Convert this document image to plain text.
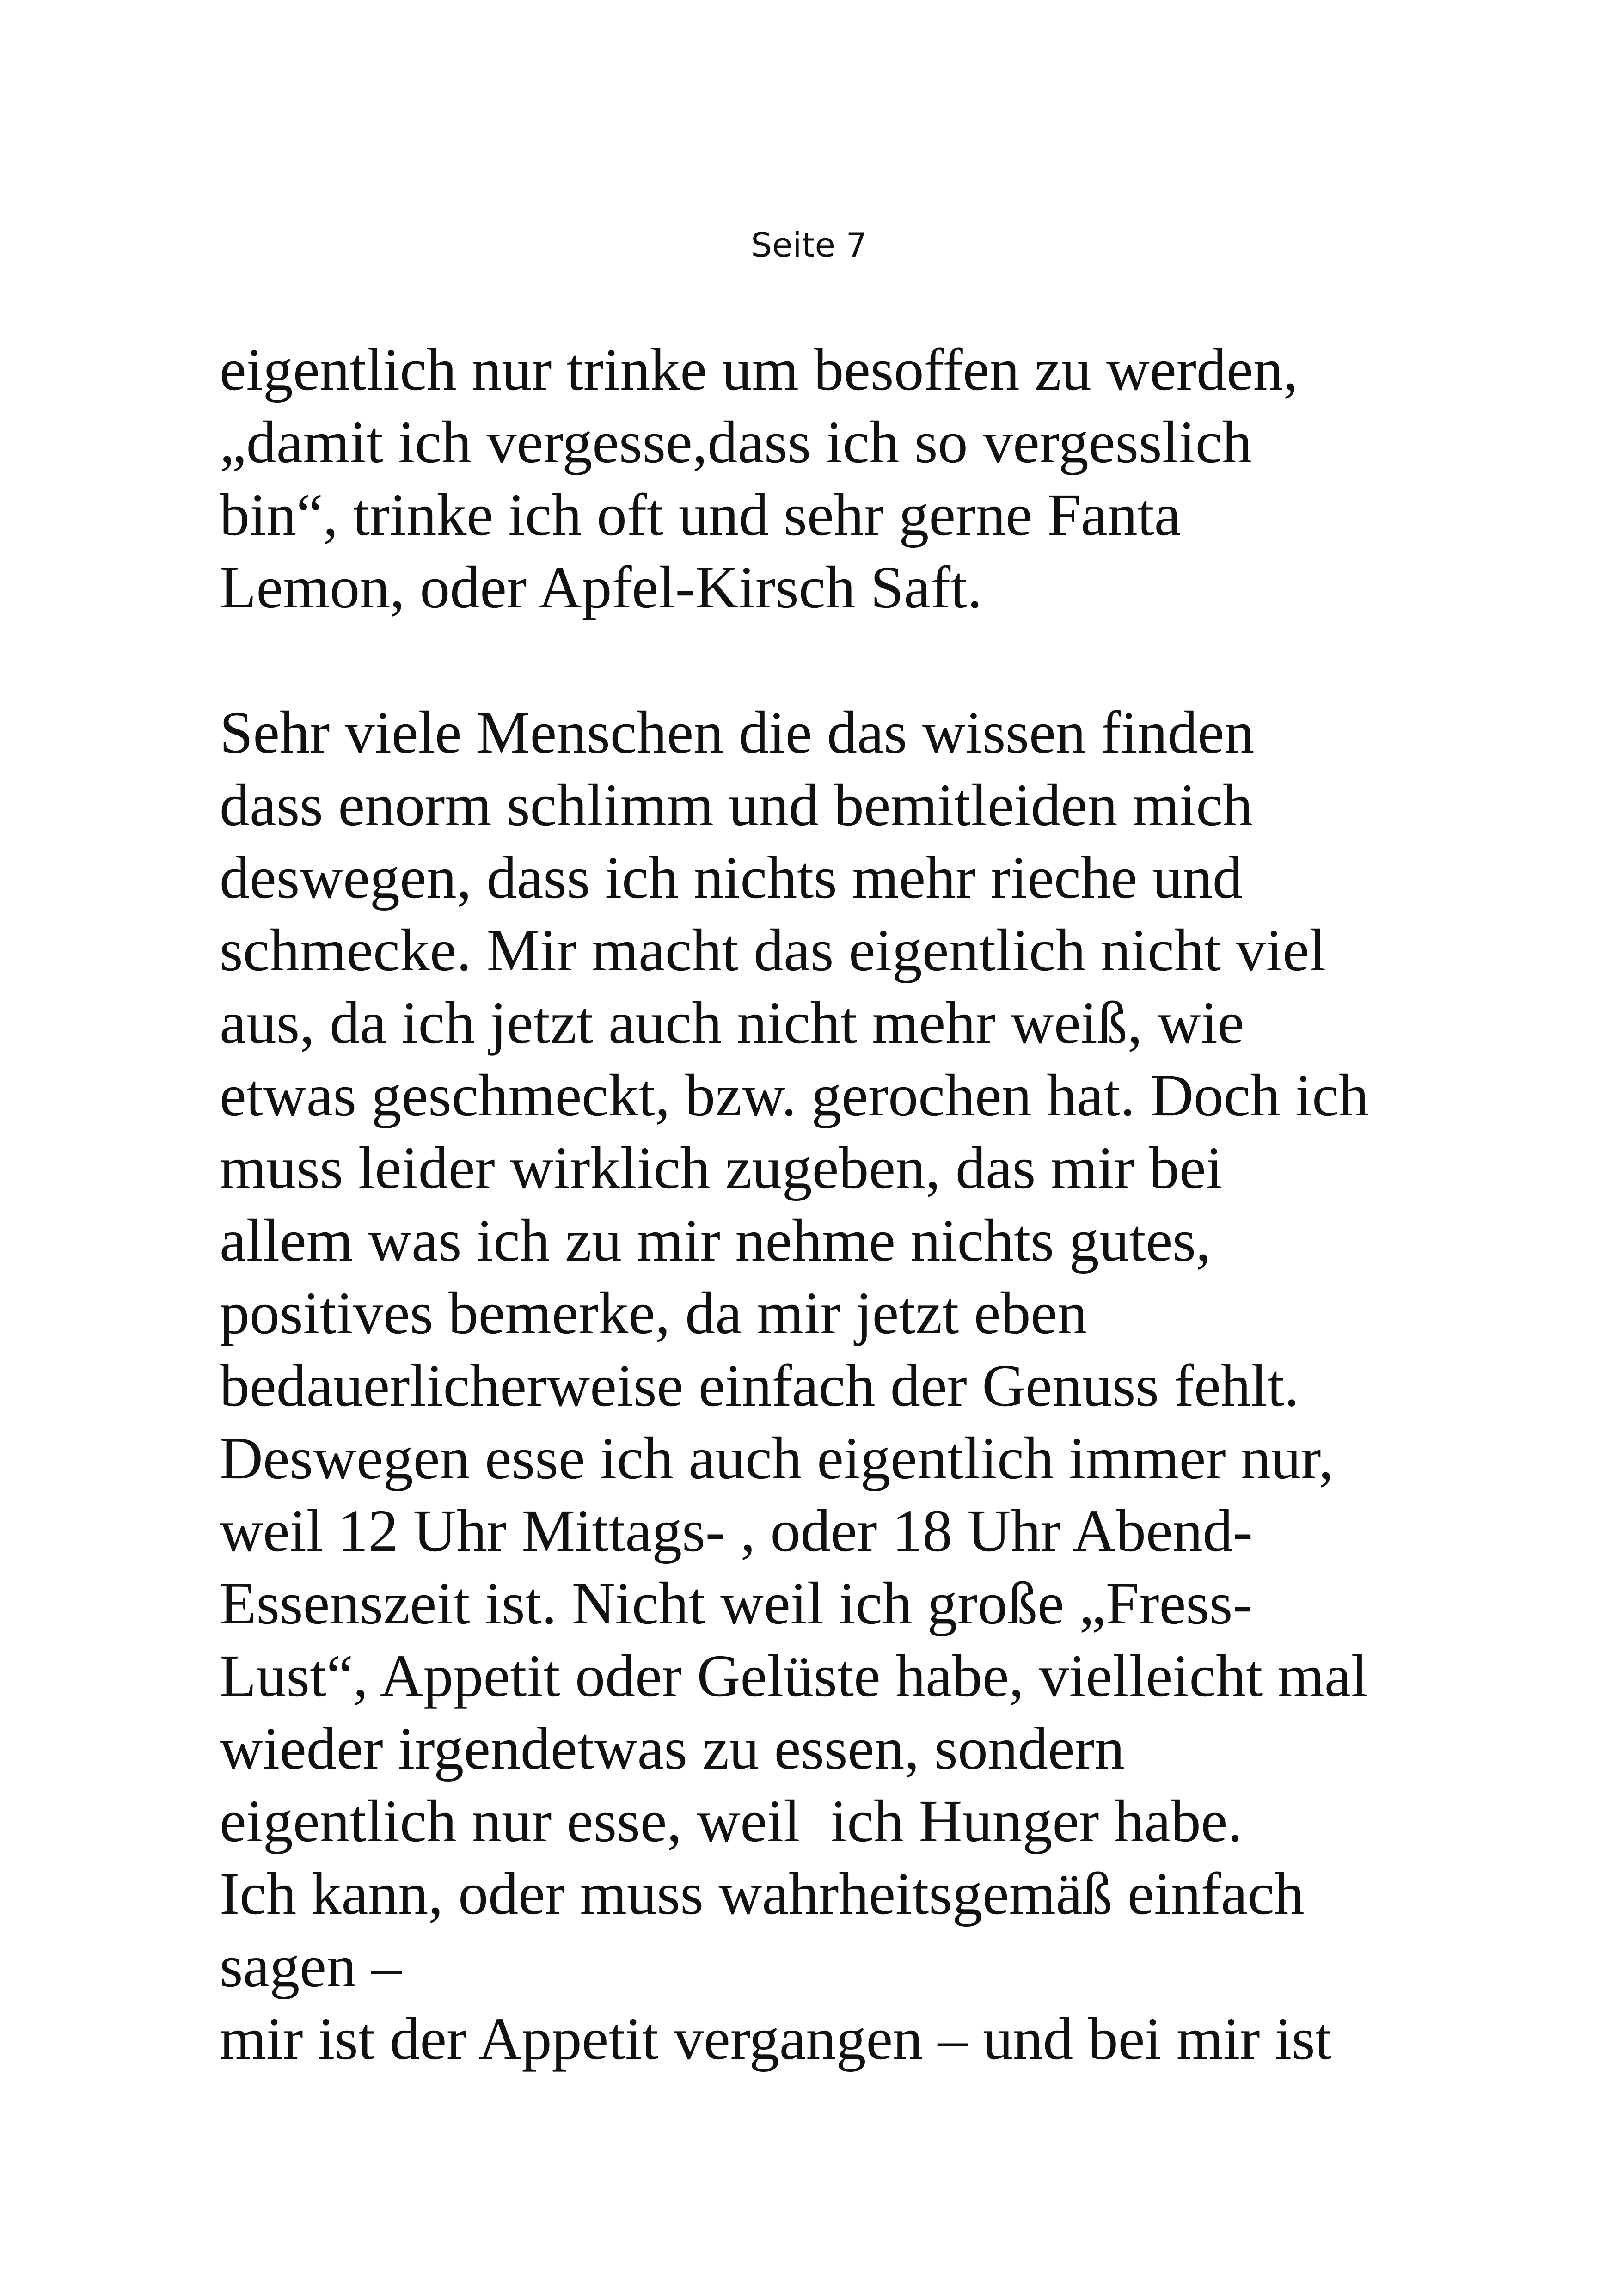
Seite 7
eigentlich nur trinke um besoffen zu werden,
„damit ich vergesse,dass ich so vergesslich
bin“, trinke ich oft und sehr gerne Fanta
Lemon, oder Apfel-Kirsch Saft.
Sehr viele Menschen die das wissen finden
dass enorm schlimm und bemitleiden mich
deswegen, dass ich nichts mehr rieche und
schmecke. Mir macht das eigentlich nicht viel
aus, da ich jetzt auch nicht mehr weiß, wie
etwas geschmeckt, bzw. gerochen hat. Doch ich
muss leider wirklich zugeben, das mir bei
allem was ich zu mir nehme nichts gutes,
positives bemerke, da mir jetzt eben
bedauerlicherweise einfach der Genuss fehlt.
Deswegen esse ich auch eigentlich immer nur,
weil 12 Uhr Mittags- , oder 18 Uhr Abend-
Essenszeit ist. Nicht weil ich große „Fress-
Lust“, Appetit oder Gelüste habe, vielleicht mal
wieder irgendetwas zu essen, sondern
eigentlich nur esse, weil  ich Hunger habe.
Ich kann, oder muss wahrheitsgemäß einfach
sagen –
mir ist der Appetit vergangen – und bei mir ist
